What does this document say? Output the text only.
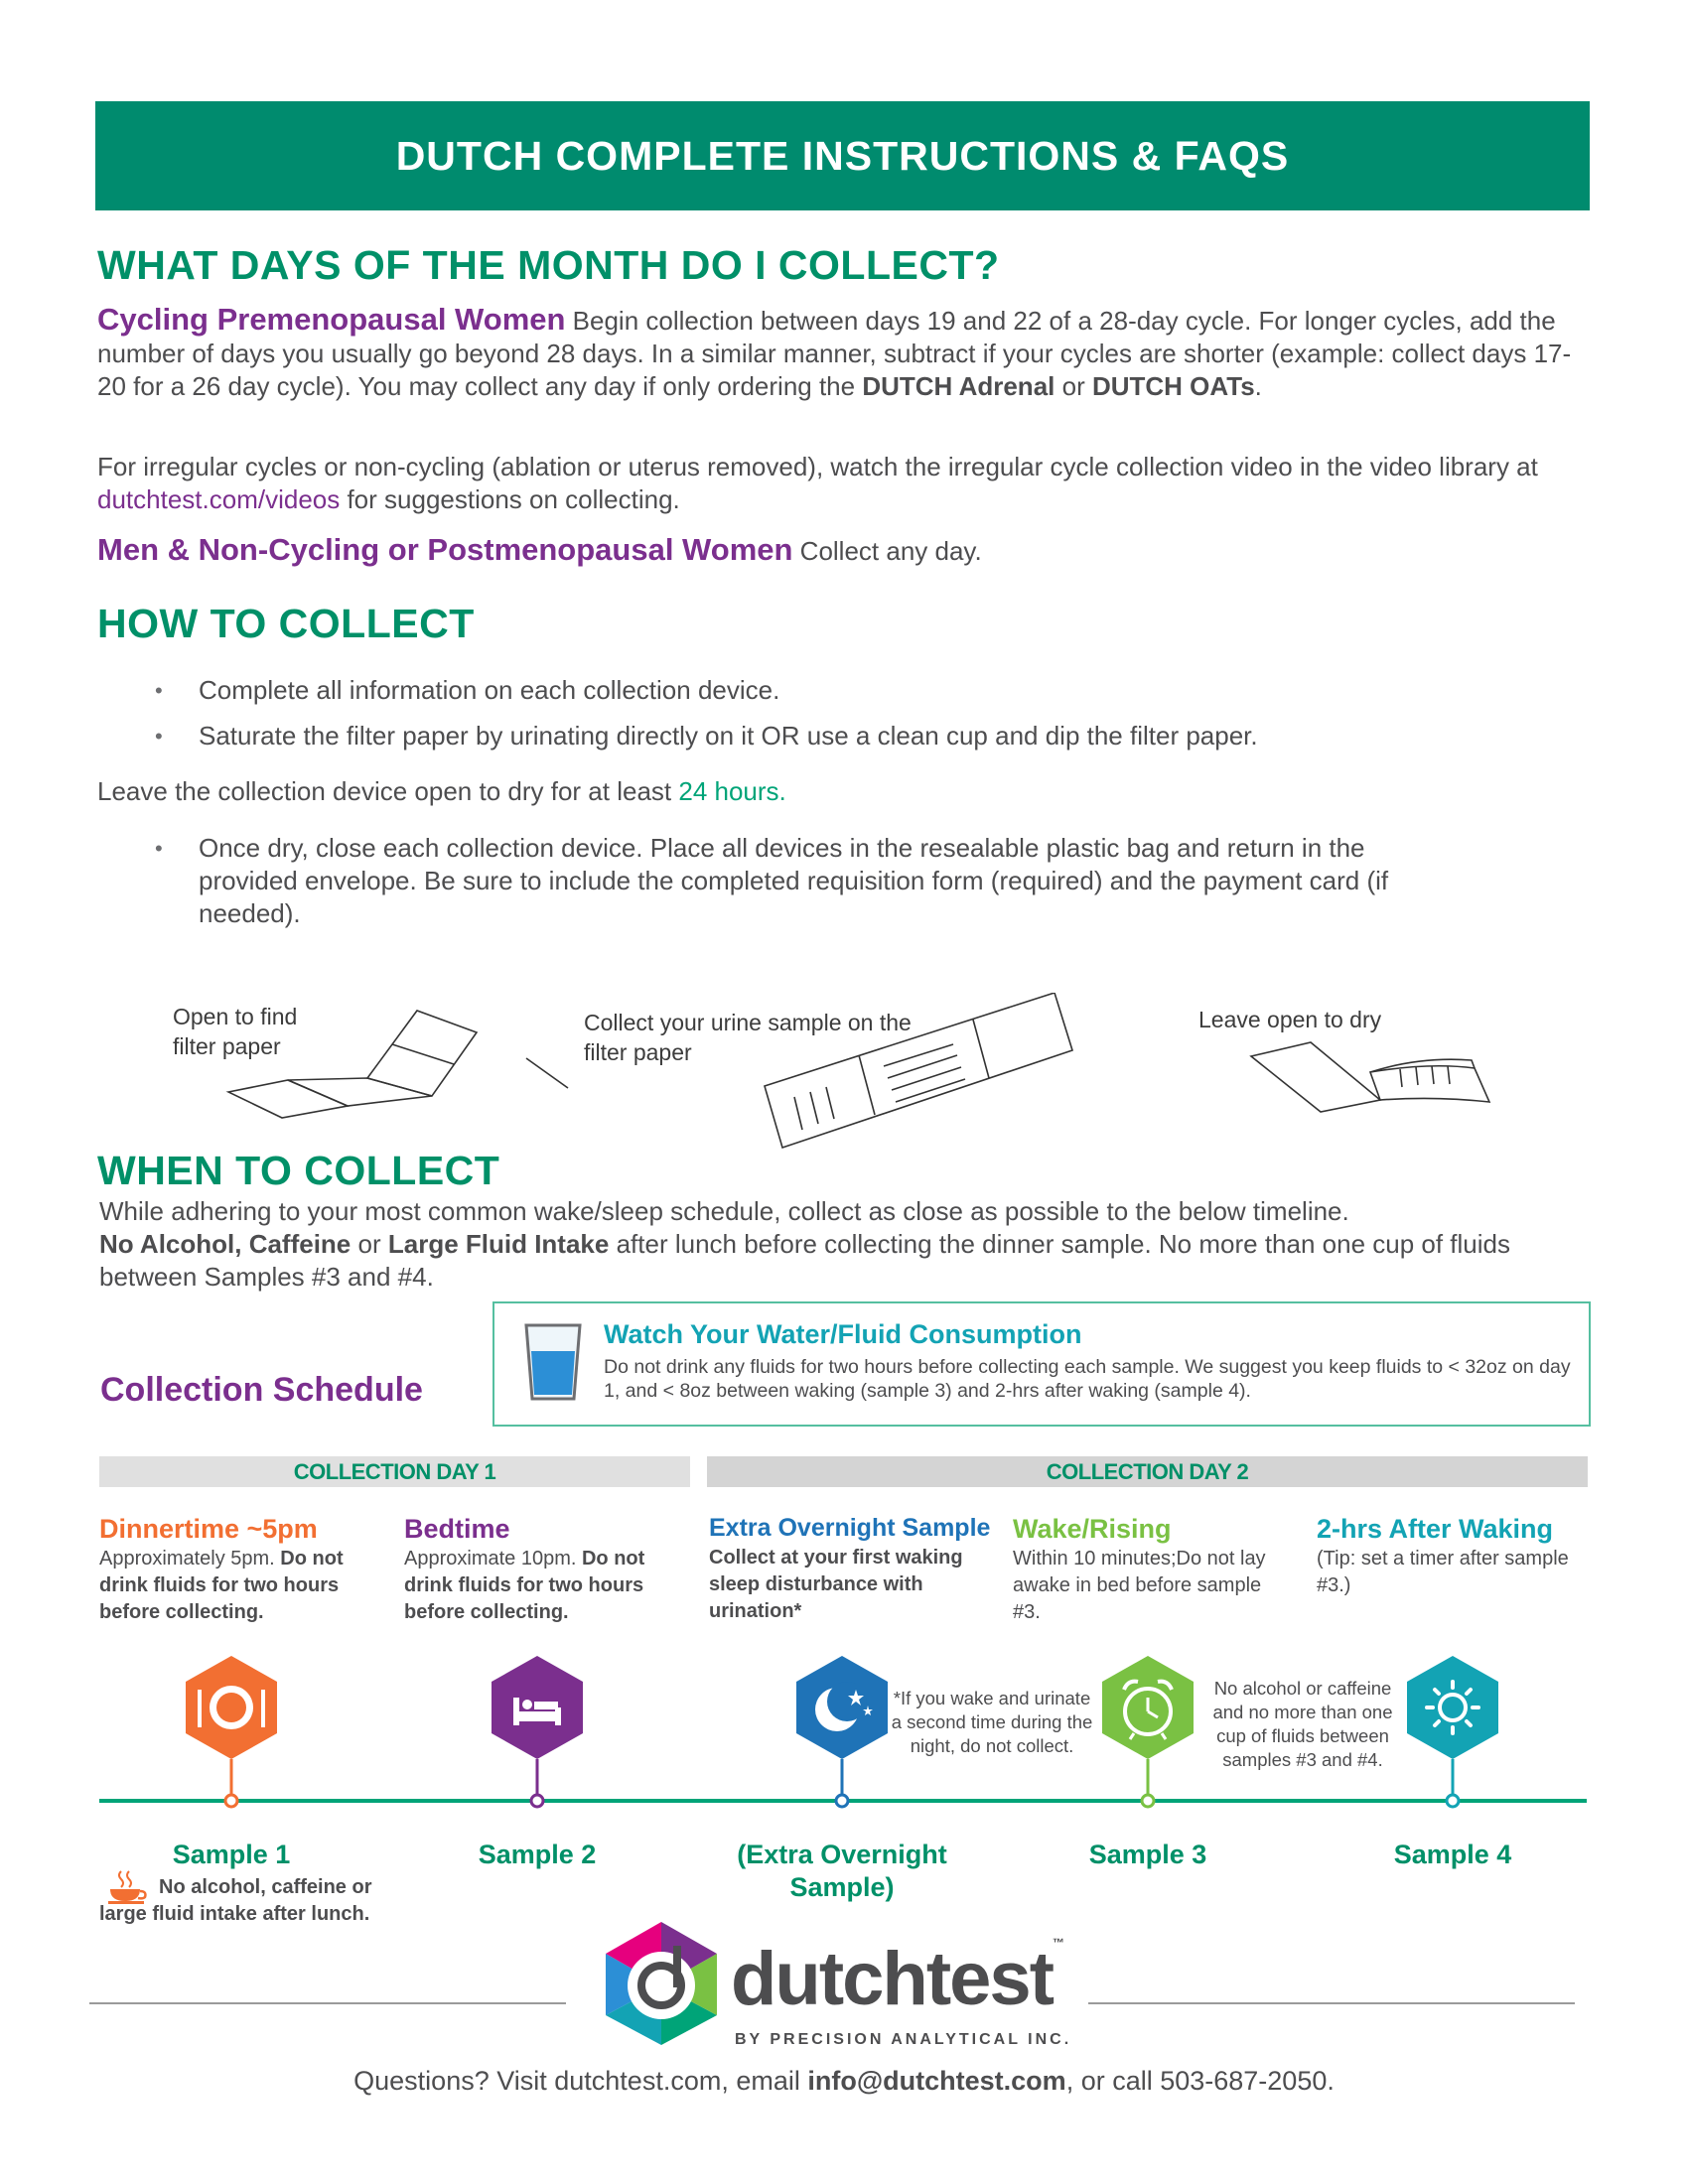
DUTCH COMPLETE INSTRUCTIONS & FAQS
WHAT DAYS OF THE MONTH DO I COLLECT?
Cycling Premenopausal Women Begin collection between days 19 and 22 of a 28-day cycle. For longer cycles, add the number of days you usually go beyond 28 days. In a similar manner, subtract if your cycles are shorter (example: collect days 17-20 for a 26 day cycle). You may collect any day if only ordering the DUTCH Adrenal or DUTCH OATs.
For irregular cycles or non-cycling (ablation or uterus removed), watch the irregular cycle collection video in the video library at dutchtest.com/videos for suggestions on collecting.
Men & Non-Cycling or Postmenopausal Women Collect any day.
HOW TO COLLECT
• Complete all information on each collection device.
• Saturate the filter paper by urinating directly on it OR use a clean cup and dip the filter paper.
Leave the collection device open to dry for at least 24 hours.
• Once dry, close each collection device. Place all devices in the resealable plastic bag and return in the provided envelope. Be sure to include the completed requisition form (required) and the payment card (if needed).
Open to find filter paper
Collect your urine sample on the filter paper
Leave open to dry
WHEN TO COLLECT
While adhering to your most common wake/sleep schedule, collect as close as possible to the below timeline.
No Alcohol, Caffeine or Large Fluid Intake after lunch before collecting the dinner sample. No more than one cup of fluids between Samples #3 and #4.
Watch Your Water/Fluid Consumption
Do not drink any fluids for two hours before collecting each sample. We suggest you keep fluids to < 32oz on day 1, and < 8oz between waking (sample 3) and 2-hrs after waking (sample 4).
Collection Schedule
COLLECTION DAY 1	COLLECTION DAY 2
Dinnertime ~5pm
Approximately 5pm. Do not drink fluids for two hours before collecting.
Bedtime
Approximate 10pm. Do not drink fluids for two hours before collecting.
Extra Overnight Sample
Collect at your first waking sleep disturbance with urination*
Wake/Rising
Within 10 minutes;Do not lay awake in bed before sample #3.
2-hrs After Waking
(Tip: set a timer after sample #3.)
*If you wake and urinate a second time during the night, do not collect.
No alcohol or caffeine and no more than one cup of fluids between samples #3 and #4.
Sample 1	Sample 2	(Extra Overnight Sample)
Sample 3	Sample 4
No alcohol, caffeine or large fluid intake after lunch.
dutchtest™
BY PRECISION ANALYTICAL INC.
Questions? Visit dutchtest.com, email info@dutchtest.com, or call 503-687-2050.
